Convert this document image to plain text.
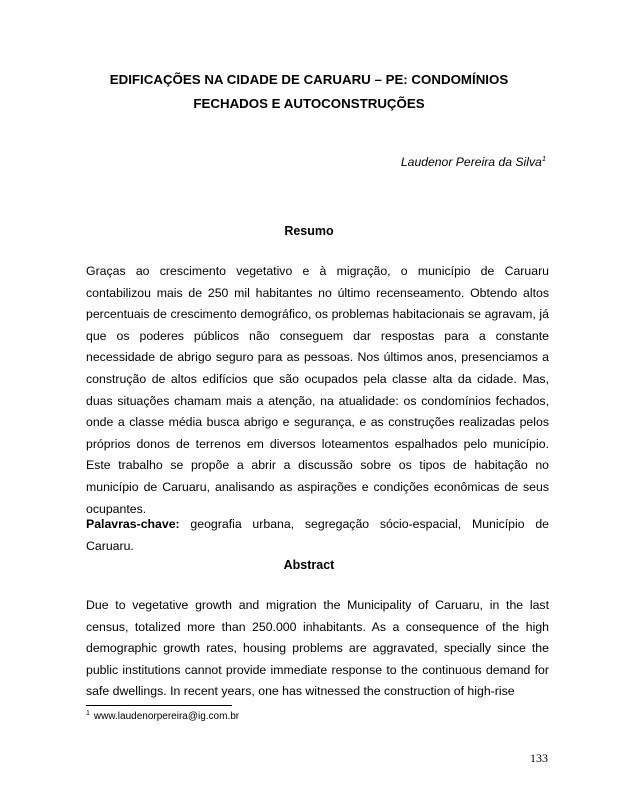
EDIFICAÇÕES NA CIDADE DE CARUARU – PE: CONDOMÍNIOS
FECHADOS E AUTOCONSTRUÇÕES
Laudenor Pereira da Silva$^1$
Resumo

Graças ao crescimento vegetativo e à migração, o município de Caruaru contabilizou mais de 250 mil habitantes no último recenseamento. Obtendo altos percentuais de crescimento demográfico, os problemas habitacionais se agravam, já que os poderes públicos não conseguem dar respostas para a constante necessidade de abrigo seguro para as pessoas. Nos últimos anos, presenciamos a construção de altos edifícios que são ocupados pela classe alta da cidade. Mas, duas situações chamam mais a atenção, na atualidade: os condomínios fechados, onde a classe média busca abrigo e segurança, e as construções realizadas pelos próprios donos de terrenos em diversos loteamentos espalhados pelo município. Este trabalho se propõe a abrir a discussão sobre os tipos de habitação no município de Caruaru, analisando as aspirações e condições econômicas de seus ocupantes.

Palavras-chave: geografia urbana, segregação sócio-espacial, Município de Caruaru.

Abstract

Due to vegetative growth and migration the Municipality of Caruaru, in the last census, totalized more than 250.000 inhabitants. As a consequence of the high demographic growth rates, housing problems are aggravated, specially since the public institutions cannot provide immediate response to the continuous demand for safe dwellings. In recent years, one has witnessed the construction of high-rise

$^1$ www.laudenorpereira@ig.com.br
133
